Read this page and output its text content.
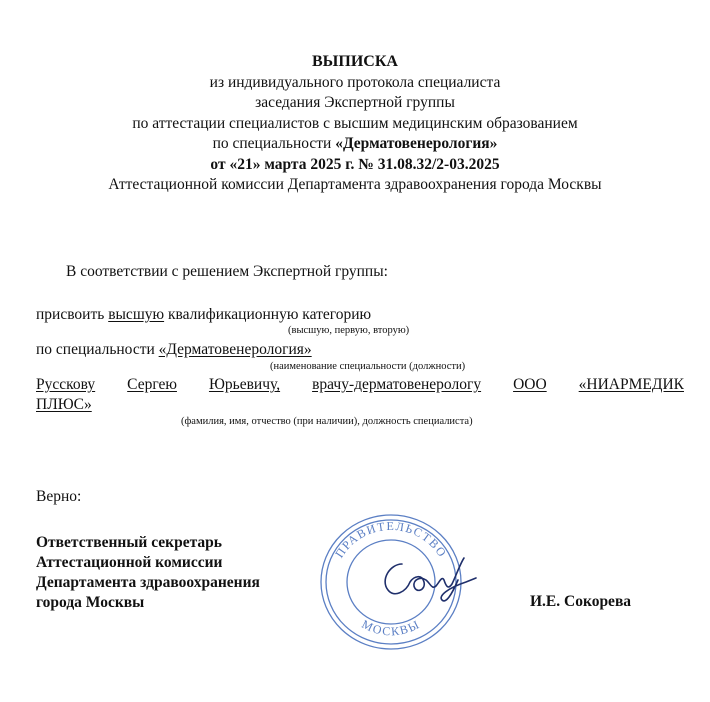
ВЫПИСКА
из индивидуального протокола специалиста
заседания Экспертной группы
по аттестации специалистов с высшим медицинским образованием
по специальности «Дерматовенерология»
от «21» марта 2025 г. № 31.08.32/2-03.2025
Аттестационной комиссии Департамента здравоохранения города Москвы
В соответствии с решением Экспертной группы:
присвоить высшую квалификационную категорию
(высшую, первую, вторую)
по специальности «Дерматовенерология»
(наименование специальности (должности)
Русскову Сергею Юрьевичу, врачу-дерматовенерологу ООО «НИАРМЕДИК
ПЛЮС»
(фамилия, имя, отчество (при наличии), должность специалиста)
Верно:
Ответственный секретарь
Аттестационной комиссии
Департамента здравоохранения
города Москвы
ПРАВИТЕЛЬСТВО
МОСКВЫ
И.Е. Сокорева
